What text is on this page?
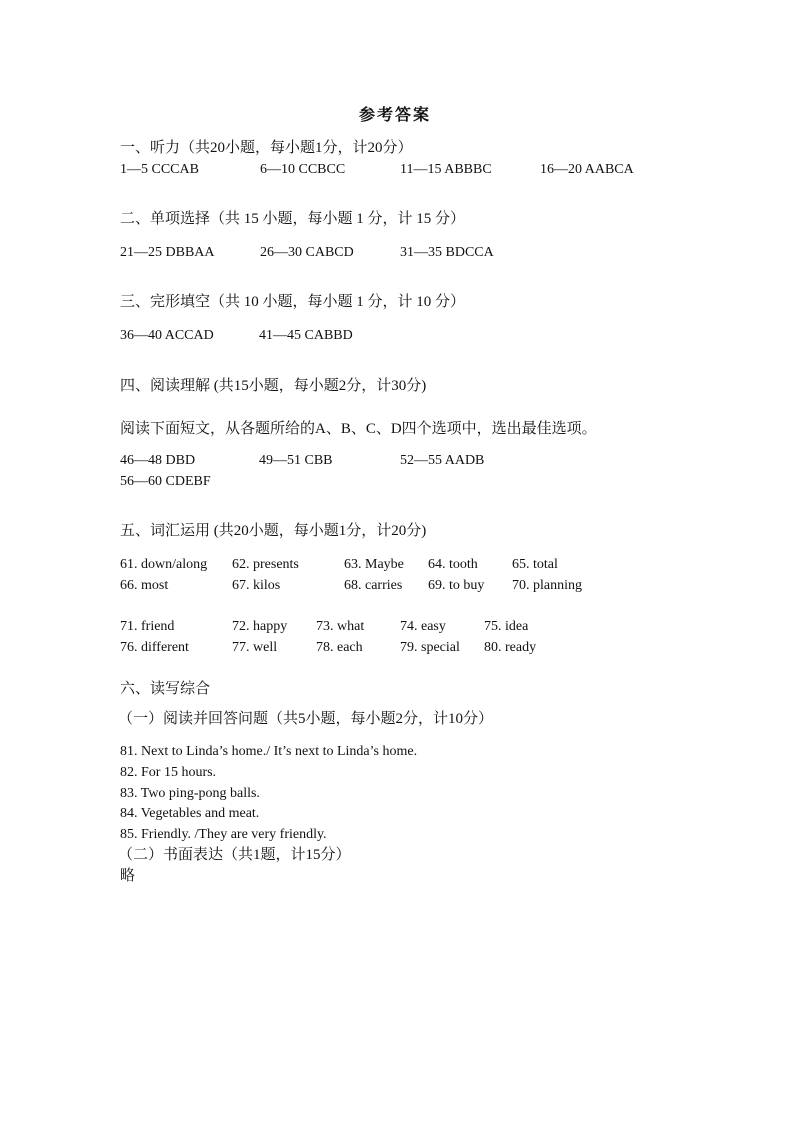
参考答案
一、听力（共20小题，每小题1分，计20分）
1—5 CCCAB	6—10 CCBCC	11—15 ABBBC	16—20 AABCA
二、单项选择（共 15 小题，每小题 1 分，计 15 分）
21—25 DBBAA	26—30 CABCD	31—35 BDCCA
三、完形填空（共 10 小题，每小题 1 分，计 10 分）
36—40 ACCAD	41—45 CABBD
四、阅读理解 (共15小题，每小题2分，计30分)
阅读下面短文，从各题所给的A、B、C、D四个选项中，选出最佳选项。
46—48 DBD	49—51 CBB	52—55 AADB
56—60 CDEBF
五、词汇运用 (共20小题，每小题1分，计20分)
61. down/along 62. presents	63. Maybe 64. tooth 65. total
66. most	67. kilos	68. carries 69. to buy 70. planning
71. friend	72. happy 73. what	74. easy	75. idea
76. different	77. well	78. each	79. special 80. ready
六、读写综合
（一）阅读并回答问题（共5小题，每小题2分，计10分）
81. Next to Linda’s home./ It’s next to Linda’s home.
82. For 15 hours.
83. Two ping-pong balls.
84. Vegetables and meat.
85. Friendly. /They are very friendly.
（二）书面表达（共1题，计15分）
略
